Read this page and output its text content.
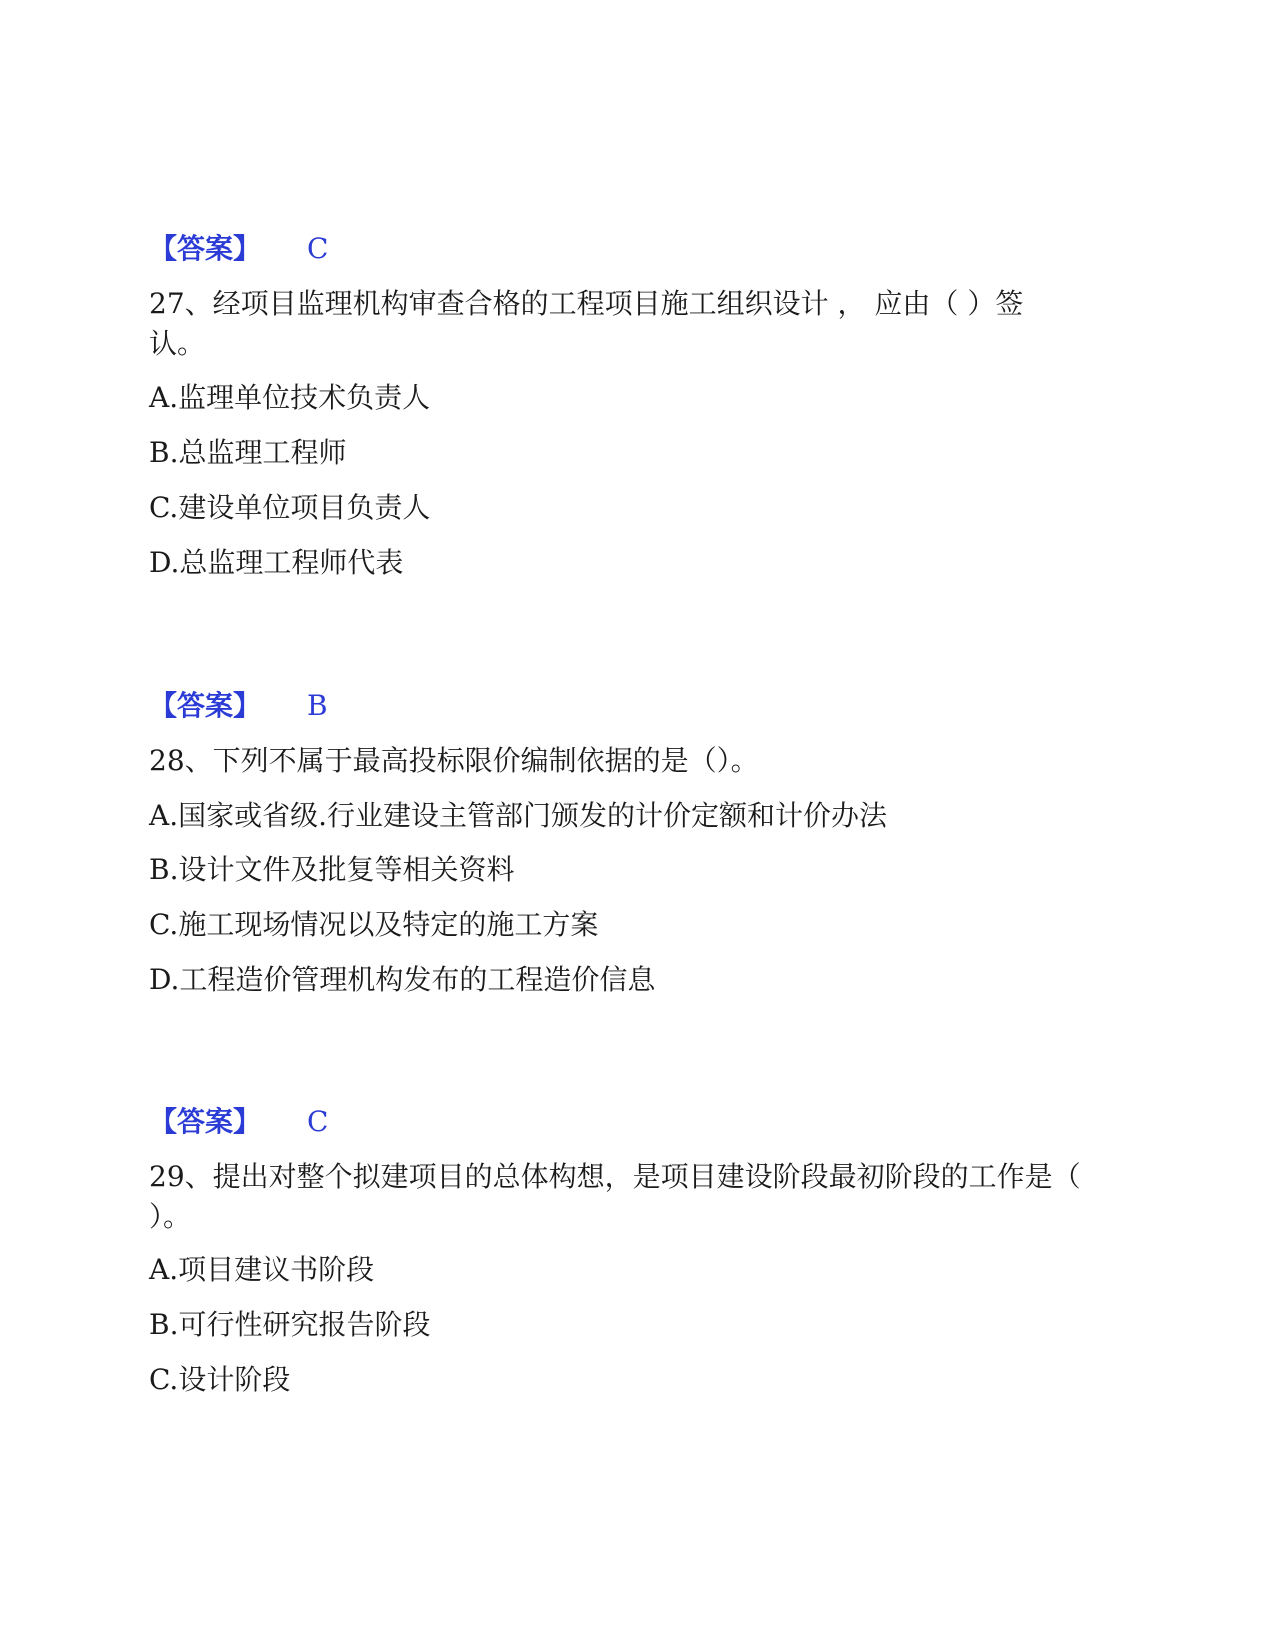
【答案】 C
27、经项目监理机构审查合格的工程项目施工组织设计 ， 应由（ ）签
认。
A.监理单位技术负责人
B.总监理工程师
C.建设单位项目负责人
D.总监理工程师代表
【答案】 B
28、下列不属于最高投标限价编制依据的是（）。
A.国家或省级.行业建设主管部门颁发的计价定额和计价办法
B.设计文件及批复等相关资料
C.施工现场情况以及特定的施工方案
D.工程造价管理机构发布的工程造价信息
【答案】 C
29、提出对整个拟建项目的总体构想，是项目建设阶段最初阶段的工作是（
）。
A.项目建议书阶段
B.可行性研究报告阶段
C.设计阶段
